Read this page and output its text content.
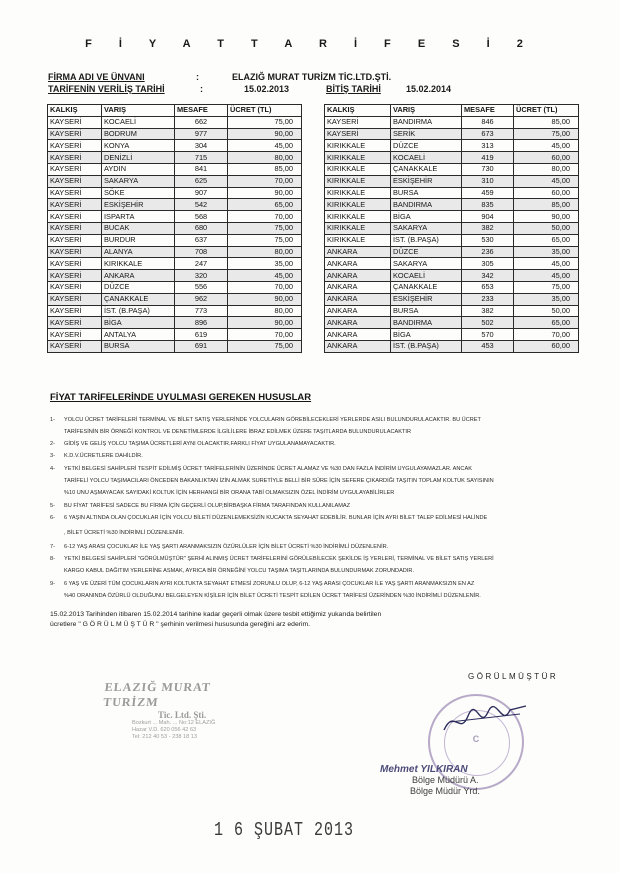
F İ Y A T T A R İ F E S İ 2
FİRMA ADI VE ÜNVANI	:	ELAZIĞ MURAT TURİZM TİC.LTD.ŞTİ.
TARİFENİN VERİLİŞ TARİHİ	:	15.02.2013	BİTİŞ TARİHİ	15.02.2014
KALKIŞ	VARIŞ	MESAFE	ÜCRET (TL)
KAYSERİ	KOCAELİ	662	75,00
KAYSERİ	BODRUM	977	90,00
KAYSERİ	KONYA	304	45,00
KAYSERİ	DENİZLİ	715	80,00
KAYSERİ	AYDIN	841	85,00
KAYSERİ	SAKARYA	625	70,00
KAYSERİ	SÖKE	907	90,00
KAYSERİ	ESKİŞEHİR	542	65,00
KAYSERİ	ISPARTA	568	70,00
KAYSERİ	BUCAK	680	75,00
KAYSERİ	BURDUR	637	75,00
KAYSERİ	ALANYA	708	80,00
KAYSERİ	KIRIKKALE	247	35,00
KAYSERİ	ANKARA	320	45,00
KAYSERİ	DÜZCE	556	70,00
KAYSERİ	ÇANAKKALE	962	90,00
KAYSERİ	İST. (B.PAŞA)	773	80,00
KAYSERİ	BİGA	896	90,00
KAYSERİ	ANTALYA	619	70,00
KAYSERİ	BURSA	691	75,00
KALKIŞ	VARIŞ	MESAFE	ÜCRET (TL)
KAYSERİ	BANDIRMA	846	85,00
KAYSERİ	SERİK	673	75,00
KIRIKKALE	DÜZCE	313	45,00
KIRIKKALE	KOCAELİ	419	60,00
KIRIKKALE	ÇANAKKALE	730	80,00
KIRIKKALE	ESKİŞEHİR	310	45,00
KIRIKKALE	BURSA	459	60,00
KIRIKKALE	BANDIRMA	835	85,00
KIRIKKALE	BİGA	904	90,00
KIRIKKALE	SAKARYA	382	50,00
KIRIKKALE	İST. (B.PAŞA)	530	65,00
ANKARA	DÜZCE	236	35,00
ANKARA	SAKARYA	305	45,00
ANKARA	KOCAELİ	342	45,00
ANKARA	ÇANAKKALE	653	75,00
ANKARA	ESKİŞEHİR	233	35,00
ANKARA	BURSA	382	50,00
ANKARA	BANDIRMA	502	65,00
ANKARA	BİGA	570	70,00
ANKARA	İST. (B.PAŞA)	453	60,00
FİYAT TARİFELERİNDE UYULMASI GEREKEN HUSUSLAR
1- YOLCU ÜCRET TARİFELERİ TERMİNAL VE BİLET SATIŞ YERLERİNDE YOLCULARIN GÖREBİLECEKLERİ YERLERDE ASILI BULUNDURULACAKTIR. BU ÜCRET
TARİFESİNİN BİR ÖRNEĞİ KONTROL VE DENETİMLERDE İLGİLİLERE İBRAZ EDİLMEK ÜZERE TAŞITLARDA BULUNDURULACAKTIR
2- GİDİŞ VE GELİŞ YOLCU TAŞIMA ÜCRETLERİ AYNI OLACAKTIR.FARKLI FİYAT UYGULANAMAYACAKTIR.
3- K.D.V.ÜCRETLERE DAHİLDİR.
4- YETKİ BELGESİ SAHİPLERİ TESPİT EDİLMİŞ ÜCRET TARİFELERİNİN ÜZERİNDE ÜCRET ALAMAZ VE %30 DAN FAZLA İNDİRİM UYGULAYAMAZLAR. ANCAK
TARİFELİ YOLCU TAŞIMACILARI ÖNCEDEN BAKANLIKTAN İZİN ALMAK SURETİYLE BELLİ BİR SÜRE İÇİN SEFERE ÇIKARDIĞI TAŞITIN TOPLAM KOLTUK SAYISININ
%10 UNU AŞMAYACAK SAYIDAKİ KOLTUK İÇİN HERHANGİ BİR ORANA TABİ OLMAKSIZIN ÖZEL İNDİRİM UYGULAYABİLİRLER
5- BU FİYAT TARİFESİ SADECE BU FİRMA İÇİN GEÇERLİ OLUP,BİRBAŞKA FİRMA TARAFINDAN KULLANILAMAZ
6- 6 YAŞIN ALTINDA OLAN ÇOCUKLAR İÇİN YOLCU BİLETİ DÜZENLEMEKSİZİN KUCAKTA SEYAHAT EDEBİLİR. BUNLAR İÇİN AYRI BİLET TALEP EDİLMESİ HALİNDE
, BİLET ÜCRETİ %30 İNDİRİMLİ DÜZENLENİR.
7- 6-12 YAŞ ARASI ÇOCUKLAR İLE YAŞ ŞARTI ARANMAKSIZIN ÖZÜRLÜLER İÇİN BİLET ÜCRETİ %30 İNDİRİMLİ DÜZENLENİR.
8- YETKİ BELGESİ SAHİPLERİ "GÖRÜLMÜŞTÜR" ŞERHİ ALINMIŞ ÜCRET TARİFELERİNİ GÖRÜLEBİLECEK ŞEKİLDE İŞ YERLERİ, TERMİNAL VE BİLET SATIŞ YERLERİ
KARGO KABUL DAĞITIM YERLERİNE ASMAK, AYRICA BİR ÖRNEĞİNİ YOLCU TAŞIMA TAŞITLARINDA BULUNDURMAK ZORUNDADIR.
9- 6 YAŞ VE ÜZERİ TÜM ÇOCUKLARIN AYRI KOLTUKTA SEYAHAT ETMESİ ZORUNLU OLUP, 6-12 YAŞ ARASI ÇOCUKLAR İLE YAŞ ŞARTI ARANMAKSIZIN EN AZ
%40 ORANINDA ÖZÜRLÜ OLDUĞUNU BELGELEYEN KİŞİLER İÇİN BİLET ÜCRETİ TESPİT EDİLEN ÜCRET TARİFESİ ÜZERİNDEN %30 İNDİRİMLİ DÜZENLENİR.
15.02.2013 Tarihinden itibaren 15.02.2014 tarihine kadar geçerli olmak üzere tesbit ettiğimiz yukarıda belirtilen
ücretlere " G Ö R Ü L M Ü Ş T Ü R " şerhinin verilmesi hususunda gereğini arz ederim.
GÖRÜLMÜŞTÜR
ELAZIĞ MURAT TURİZM
Tic. Ltd. Şti.
Bozkurt ... Mah. ... No:12 ELAZIĞ
Hazar V.D. 620 056 42 63
Tel: 212 40 53 - 238 18 13	C
Mehmet YILKIRAN
Bölge Müdürü A.
Bölge Müdür Yrd.
1 6 ŞUBAT 2013
